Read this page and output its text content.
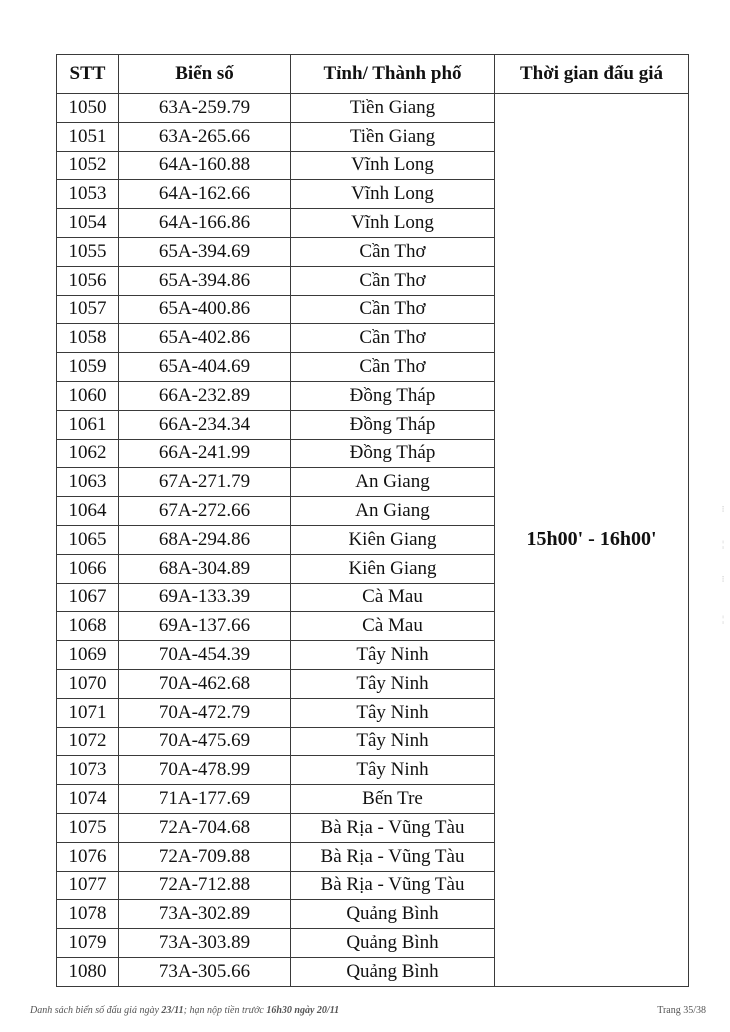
STT	Biển số	Tỉnh/ Thành phố	Thời gian đấu giá
1050	63A-259.79	Tiền Giang	15h00' - 16h00'
1051	63A-265.66	Tiền Giang	
1052	64A-160.88	Vĩnh Long	
1053	64A-162.66	Vĩnh Long	
1054	64A-166.86	Vĩnh Long	
1055	65A-394.69	Cần Thơ	
1056	65A-394.86	Cần Thơ	
1057	65A-400.86	Cần Thơ	
1058	65A-402.86	Cần Thơ	
1059	65A-404.69	Cần Thơ	
1060	66A-232.89	Đồng Tháp	
1061	66A-234.34	Đồng Tháp	
1062	66A-241.99	Đồng Tháp	
1063	67A-271.79	An Giang	
1064	67A-272.66	An Giang	
1065	68A-294.86	Kiên Giang	
1066	68A-304.89	Kiên Giang	
1067	69A-133.39	Cà Mau	
1068	69A-137.66	Cà Mau	
1069	70A-454.39	Tây Ninh	
1070	70A-462.68	Tây Ninh	
1071	70A-472.79	Tây Ninh	
1072	70A-475.69	Tây Ninh	
1073	70A-478.99	Tây Ninh	
1074	71A-177.69	Bến Tre	
1075	72A-704.68	Bà Rịa - Vũng Tàu	
1076	72A-709.88	Bà Rịa - Vũng Tàu	
1077	72A-712.88	Bà Rịa - Vũng Tàu	
1078	73A-302.89	Quảng Bình	
1079	73A-303.89	Quảng Bình	
1080	73A-305.66	Quảng Bình	
Danh sách biển số đấu giá ngày 23/11; hạn nộp tiền trước 16h30 ngày 20/11	Trang 35/38
⁝
¦
⁝
¦
